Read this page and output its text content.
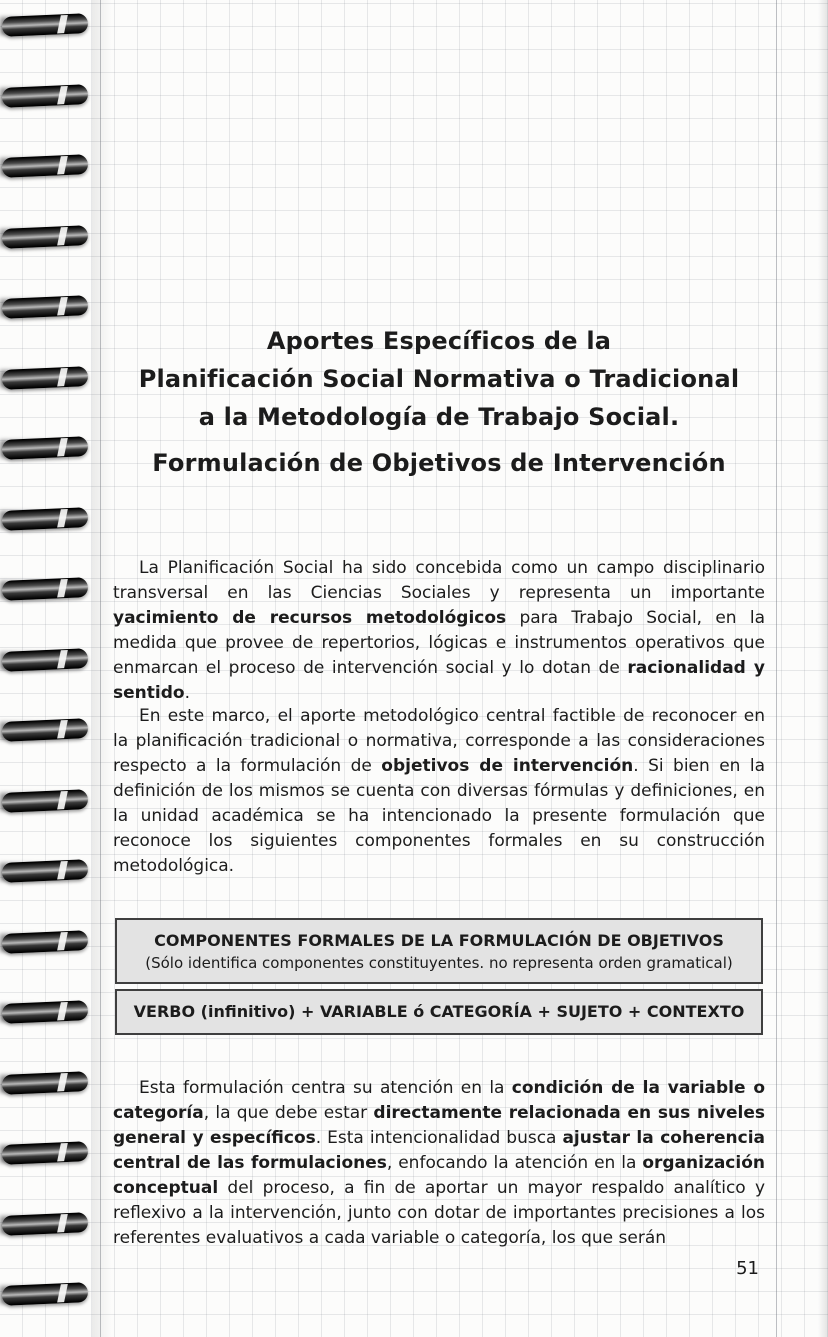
Aportes Específicos de la
Planificación Social Normativa o Tradicional
a la Metodología de Trabajo Social.
Formulación de Objetivos de Intervención

La Planificación Social ha sido concebida como un campo disciplinario transversal en las Ciencias Sociales y representa un importante yacimiento de recursos metodológicos para Trabajo Social, en la medida que provee de repertorios, lógicas e instrumentos operativos que enmarcan el proceso de intervención social y lo dotan de racionalidad y sentido.

En este marco, el aporte metodológico central factible de reconocer en la planificación tradicional o normativa, corresponde a las consideraciones respecto a la formulación de objetivos de intervención. Si bien en la definición de los mismos se cuenta con diversas fórmulas y definiciones, en la unidad académica se ha intencionado la presente formulación que reconoce los siguientes componentes formales en su construcción metodológica.

COMPONENTES FORMALES DE LA FORMULACIÓN DE OBJETIVOS
(Sólo identifica componentes constituyentes. no representa orden gramatical)
VERBO (infinitivo) + VARIABLE ó CATEGORÍA + SUJETO + CONTEXTO

Esta formulación centra su atención en la condición de la variable o categoría, la que debe estar directamente relacionada en sus niveles general y específicos. Esta intencionalidad busca ajustar la coherencia central de las formulaciones, enfocando la atención en la organización conceptual del proceso, a fin de aportar un mayor respaldo analítico y reflexivo a la intervención, junto con dotar de importantes precisiones a los referentes evaluativos a cada variable o categoría, los que serán

51
